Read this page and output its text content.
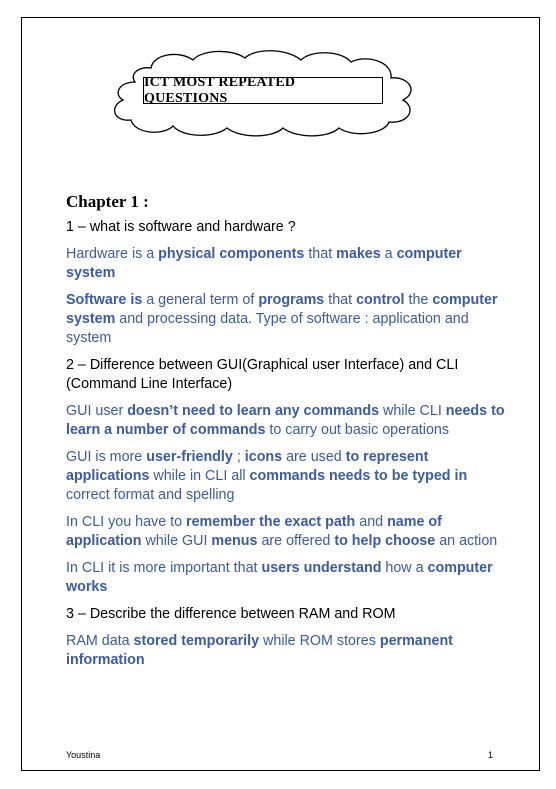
ICT MOST REPEATED QUESTIONS
Chapter 1 :

1 – what is software and hardware ?

Hardware is a physical components that makes a computer system

Software is a general term of programs that control the computer system and processing data. Type of software : application and system

2 – Difference between GUI(Graphical user Interface) and CLI (Command Line Interface)

GUI user doesn’t need to learn any commands while CLI needs to learn a number of commands to carry out basic operations

GUI is more user-friendly ; icons are used to represent applications while in CLI all commands needs to be typed in correct format and spelling

In CLI you have to remember the exact path and name of application while GUI menus are offered to help choose an action

In CLI it is more important that users understand how a computer works

3 – Describe the difference between RAM and ROM

RAM data stored temporarily while ROM stores permanent information

Youstina	1
